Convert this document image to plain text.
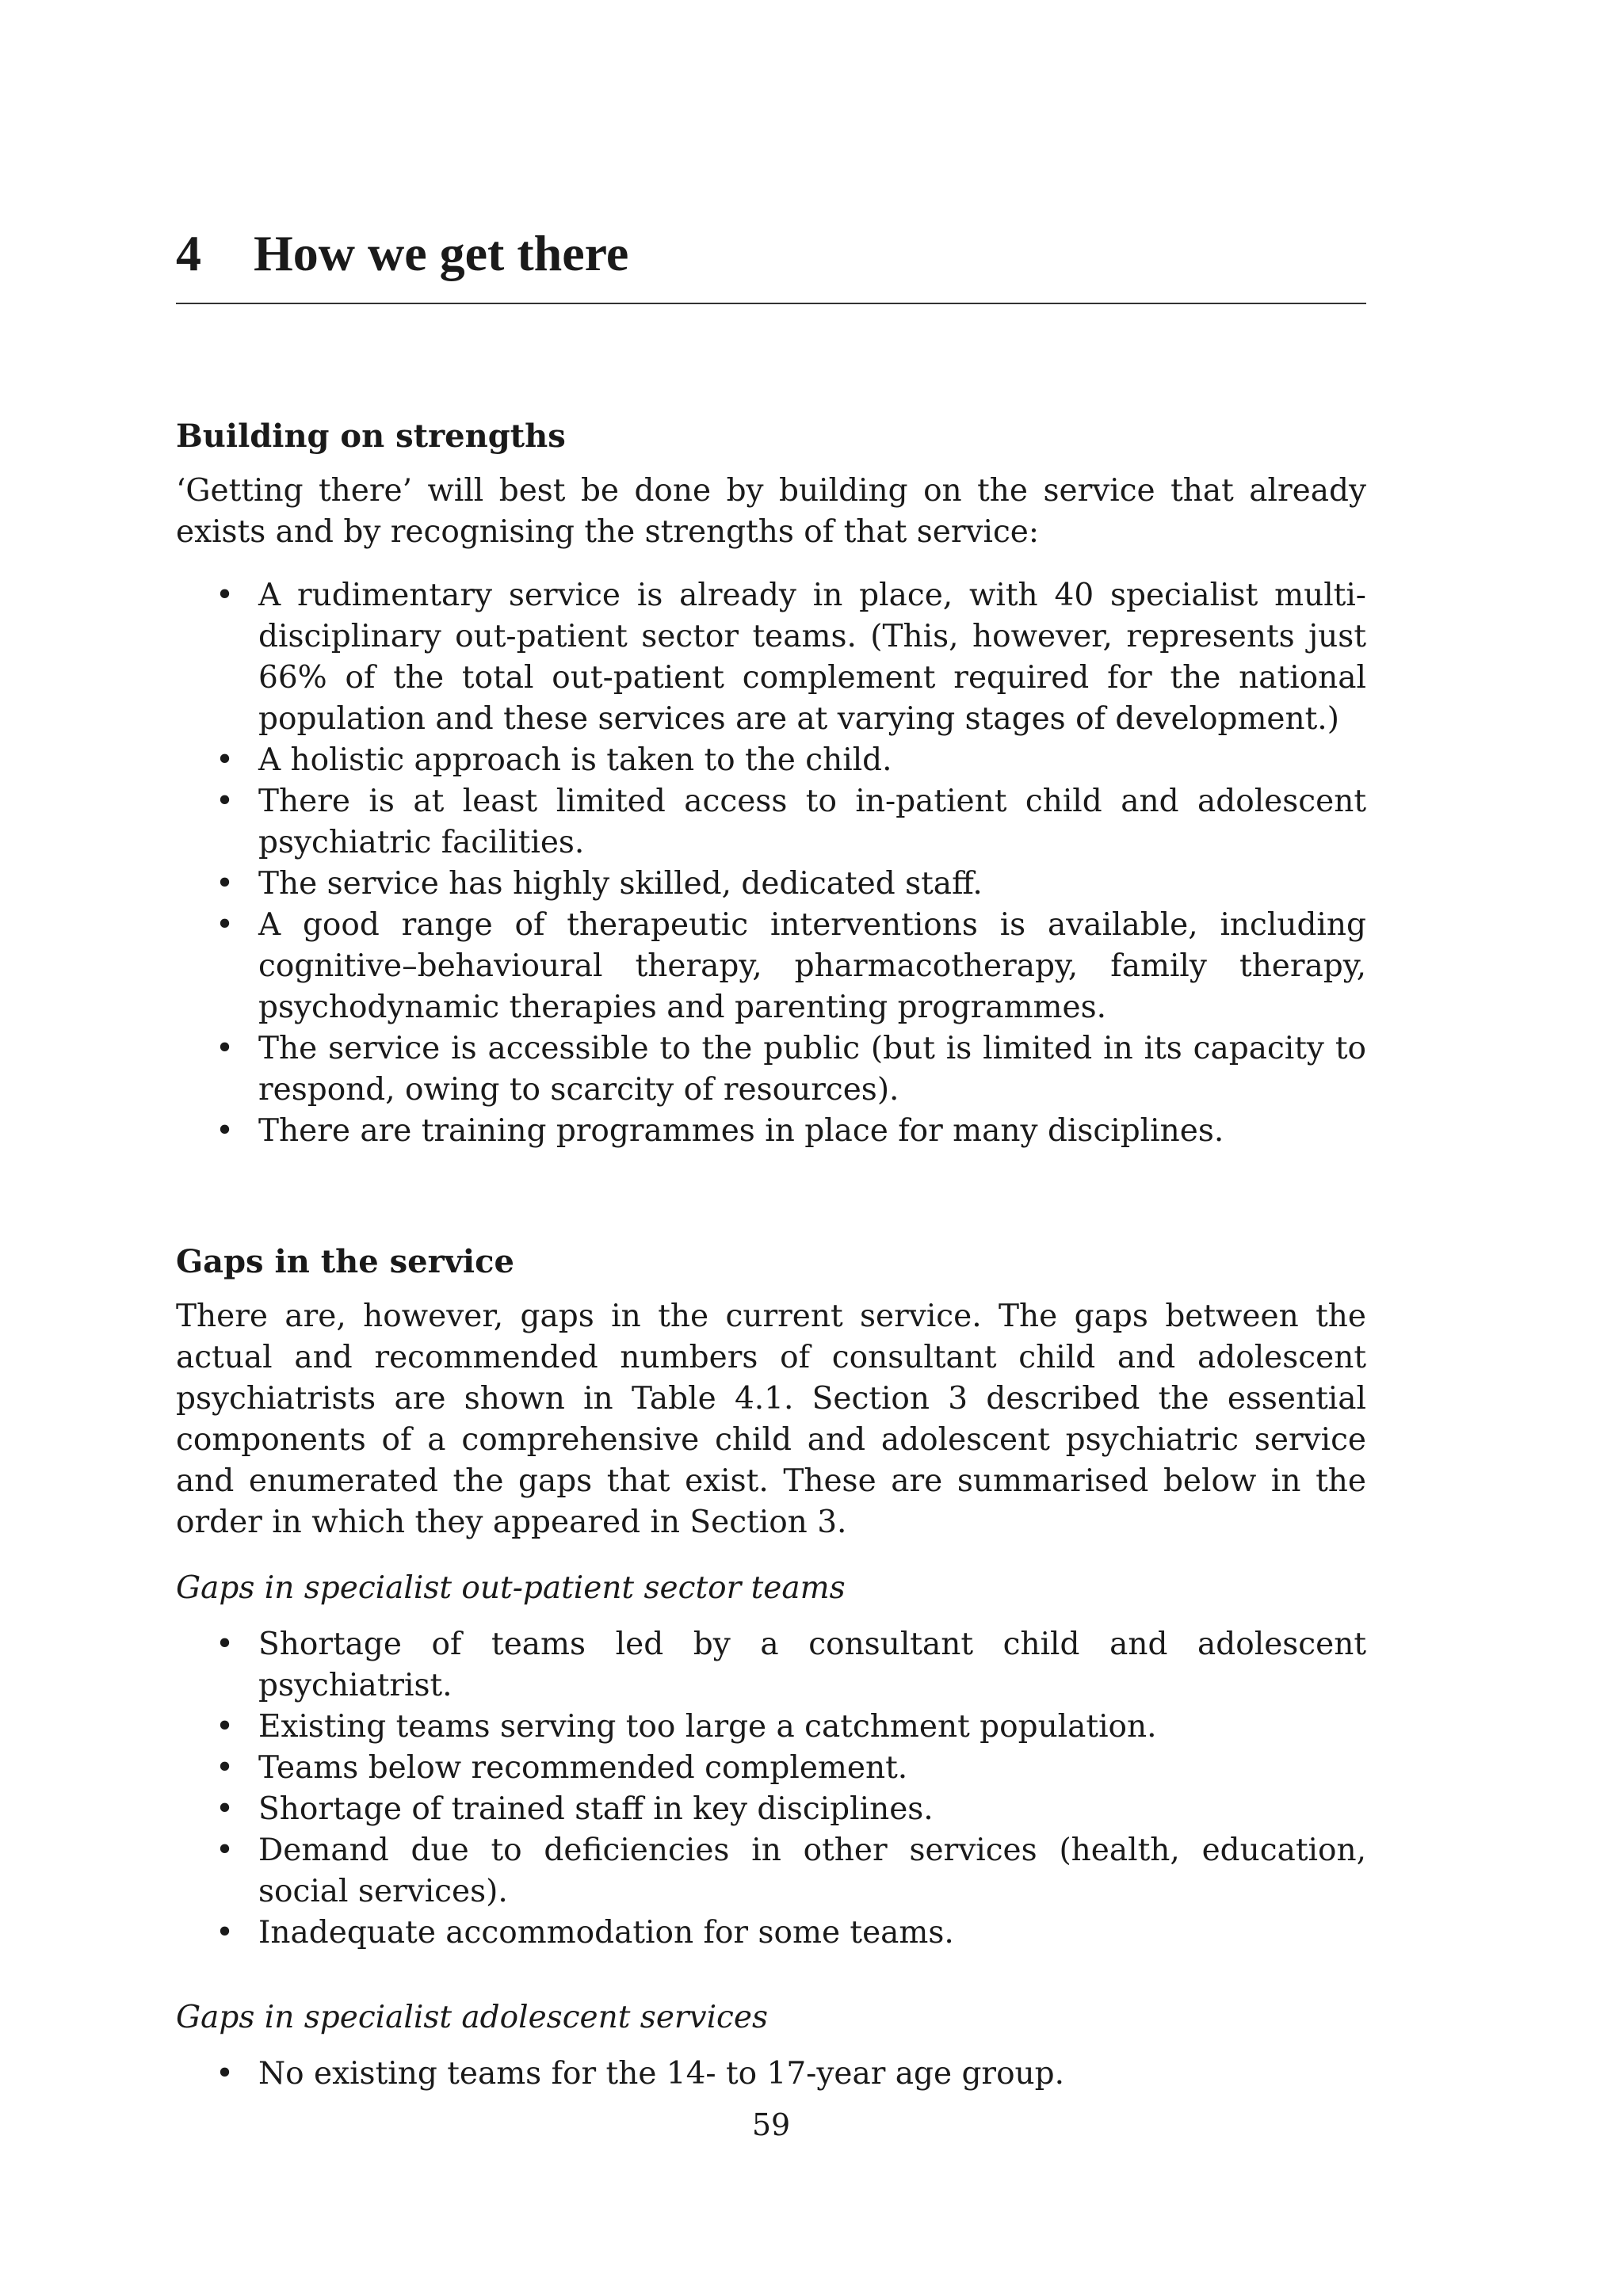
4 How we get there
Building on strengths

‘Getting there’ will best be done by building on the service that already exists and by recognising the strengths of that service:

• A rudimentary service is already in place, with 40 specialist multi-disciplinary out-patient sector teams. (This, however, represents just 66% of the total out-patient complement required for the national population and these services are at varying stages of development.)
• A holistic approach is taken to the child.
• There is at least limited access to in-patient child and adolescent psychiatric facilities.
• The service has highly skilled, dedicated staff.
• A good range of therapeutic interventions is available, including cognitive–behavioural therapy, pharmacotherapy, family therapy, psychodynamic therapies and parenting programmes.
• The service is accessible to the public (but is limited in its capacity to respond, owing to scarcity of resources).
• There are training programmes in place for many disciplines.
Gaps in the service

There are, however, gaps in the current service. The gaps between the actual and recommended numbers of consultant child and adolescent psychiatrists are shown in Table 4.1. Section 3 described the essential components of a comprehensive child and adolescent psychiatric service and enumerated the gaps that exist. These are summarised below in the order in which they appeared in Section 3.

Gaps in specialist out-patient sector teams
• Shortage of teams led by a consultant child and adolescent psychiatrist.
• Existing teams serving too large a catchment population.
• Teams below recommended complement.
• Shortage of trained staff in key disciplines.
• Demand due to deficiencies in other services (health, education, social services).
• Inadequate accommodation for some teams.
Gaps in specialist adolescent services
• No existing teams for the 14- to 17-year age group.
59
